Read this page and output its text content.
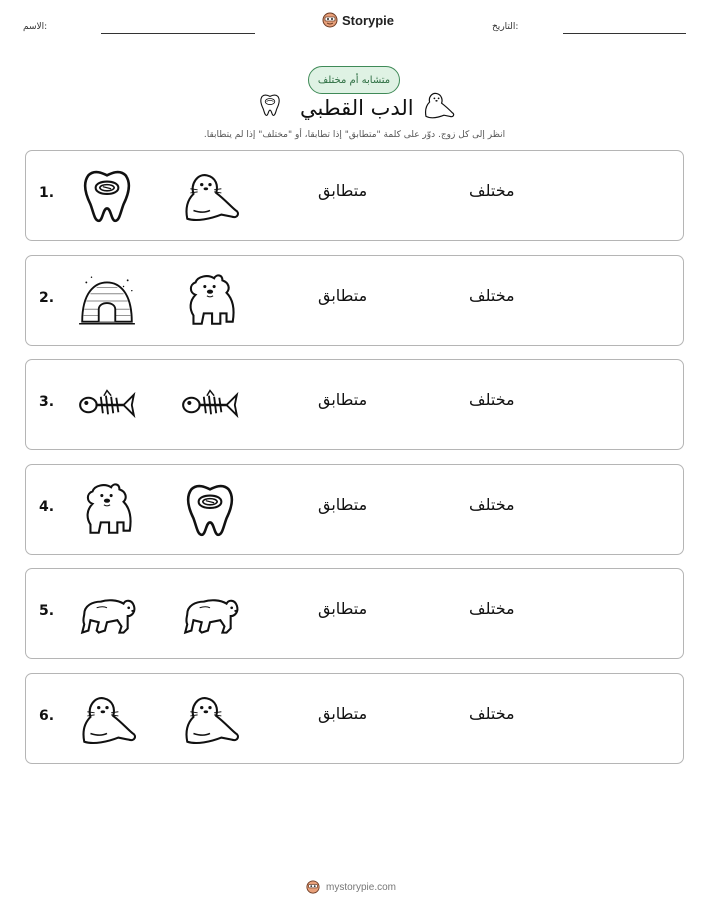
الاسم:	Storypie	التاريخ:
متشابه أم مختلف
الدب القطبي
انظر إلى كل زوج. دوّر على كلمة "متطابق" إذا تطابقا، أو "مختلف" إذا لم يتطابقا.
1.	متطابق	مختلف
2.	متطابق	مختلف
3.	متطابق	مختلف
4.	متطابق	مختلف
5.	متطابق	مختلف
6.	متطابق	مختلف
mystorypie.com
